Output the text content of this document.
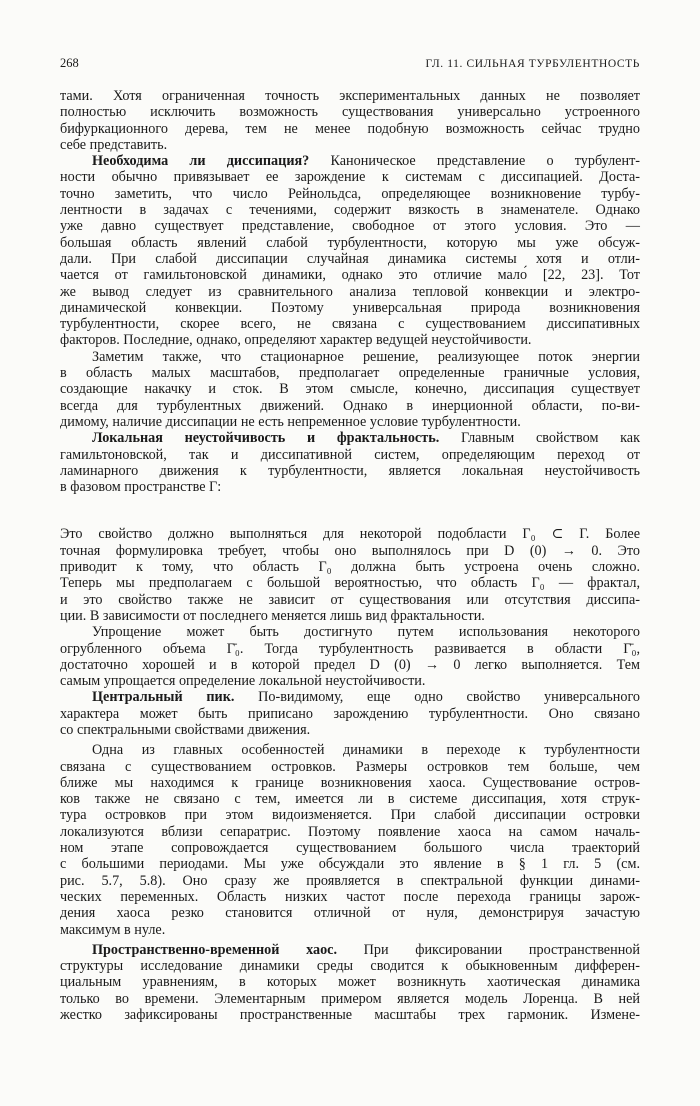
268	ГЛ. 11. СИЛЬНАЯ ТУРБУЛЕНТНОСТЬ
тами. Хотя ограниченная точность экспериментальных данных не позволяет
полностью исключить возможность существования универсально устроенного
бифуркационного дерева, тем не менее подобную возможность сейчас трудно
себе представить.
Необходима ли диссипация? Каноническое представление о турбулент-
ности обычно привязывает ее зарождение к системам с диссипацией. Доста-
точно заметить, что число Рейнольдса, определяющее возникновение турбу-
лентности в задачах с течениями, содержит вязкость в знаменателе. Однако
уже давно существует представление, свободное от этого условия. Это —
большая область явлений слабой турбулентности, которую мы уже обсуж-
дали. При слабой диссипации случайная динамика системы хотя и отли-
чается от гамильтоновской динамики, однако это отличие мало́ [22, 23]. Тот
же вывод следует из сравнительного анализа тепловой конвекции и электро-
динамической конвекции. Поэтому универсальная природа возникновения
турбулентности, скорее всего, не связана с существованием диссипативных
факторов. Последние, однако, определяют характер ведущей неустойчивости.
Заметим также, что стационарное решение, реализующее поток энергии
в область малых масштабов, предполагает определенные граничные условия,
создающие накачку и сток. В этом смысле, конечно, диссипация существует
всегда для турбулентных движений. Однако в инерционной области, по-ви-
димому, наличие диссипации не есть непременное условие турбулентности.
Локальная неустойчивость и фрактальность. Главным свойством как
гамильтоновской, так и диссипативной систем, определяющим переход от
ламинарного движения к турбулентности, является локальная неустойчивость
в фазовом пространстве Γ:
Это свойство должно выполняться для некоторой подобласти Γ₀ ⊂ Γ. Более
точная формулировка требует, чтобы оно выполнялось при D (0) → 0. Это
приводит к тому, что область Γ₀ должна быть устроена очень сложно.
Теперь мы предполагаем с большой вероятностью, что область Γ₀ — фрактал,
и это свойство также не зависит от существования или отсутствия диссипа-
ции. В зависимости от последнего меняется лишь вид фрактальности.
Упрощение может быть достигнуто путем использования некоторого
огрубленного объема Γ̄₀. Тогда турбулентность развивается в области Γ̄₀,
достаточно хорошей и в которой предел D (0) → 0 легко выполняется. Тем
самым упрощается определение локальной неустойчивости.
Центральный пик. По-видимому, еще одно свойство универсального
характера может быть приписано зарождению турбулентности. Оно связано
со спектральными свойствами движения.
Одна из главных особенностей динамики в переходе к турбулентности
связана с существованием островков. Размеры островков тем больше, чем
ближе мы находимся к границе возникновения хаоса. Существование остров-
ков также не связано с тем, имеется ли в системе диссипация, хотя струк-
тура островков при этом видоизменяется. При слабой диссипации островки
локализуются вблизи сепаратрис. Поэтому появление хаоса на самом началь-
ном этапе сопровождается существованием большого числа траекторий
с большими периодами. Мы уже обсуждали это явление в § 1 гл. 5 (см.
рис. 5.7, 5.8). Оно сразу же проявляется в спектральной функции динами-
ческих переменных. Область низких частот после перехода границы зарож-
дения хаоса резко становится отличной от нуля, демонстрируя зачастую
максимум в нуле.
Пространственно-временной хаос. При фиксировании пространственной
структуры исследование динамики среды сводится к обыкновенным дифферен-
циальным уравнениям, в которых может возникнуть хаотическая динамика
только во времени. Элементарным примером является модель Лоренца. В ней
жестко зафиксированы пространственные масштабы трех гармоник. Измене-
